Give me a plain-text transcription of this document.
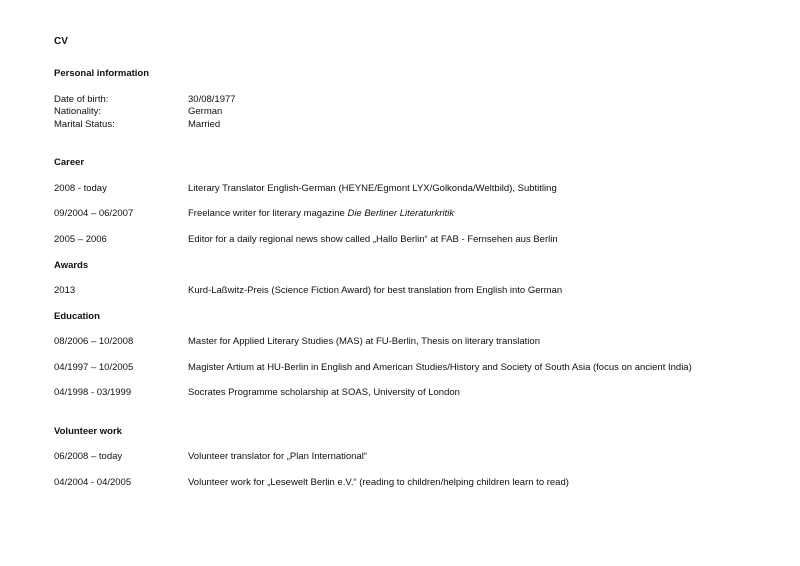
CV
Personal information
Date of birth:	30/08/1977
Nationality:	German
Marital Status:	Married
Career
2008 - today	Literary Translator English-German (HEYNE/Egmont LYX/Golkonda/Weltbild), Subtitling
09/2004 – 06/2007	Freelance writer for literary magazine Die Berliner Literaturkritik
2005 – 2006	Editor for a daily regional news show called „Hallo Berlin“ at FAB - Fernsehen aus Berlin
Awards
2013	Kurd-Laßwitz-Preis (Science Fiction Award) for best translation from English into German
Education
08/2006 – 10/2008	Master for Applied Literary Studies (MAS) at FU-Berlin, Thesis on literary translation
04/1997 – 10/2005	Magister Artium at HU-Berlin in English and American Studies/History and Society of South Asia (focus on ancient India)
04/1998 - 03/1999	Socrates Programme scholarship at SOAS, University of London
Volunteer work
06/2008 – today	Volunteer translator for „Plan International“
04/2004 - 04/2005	Volunteer work for „Lesewelt Berlin e.V.“ (reading to children/helping children learn to read)
